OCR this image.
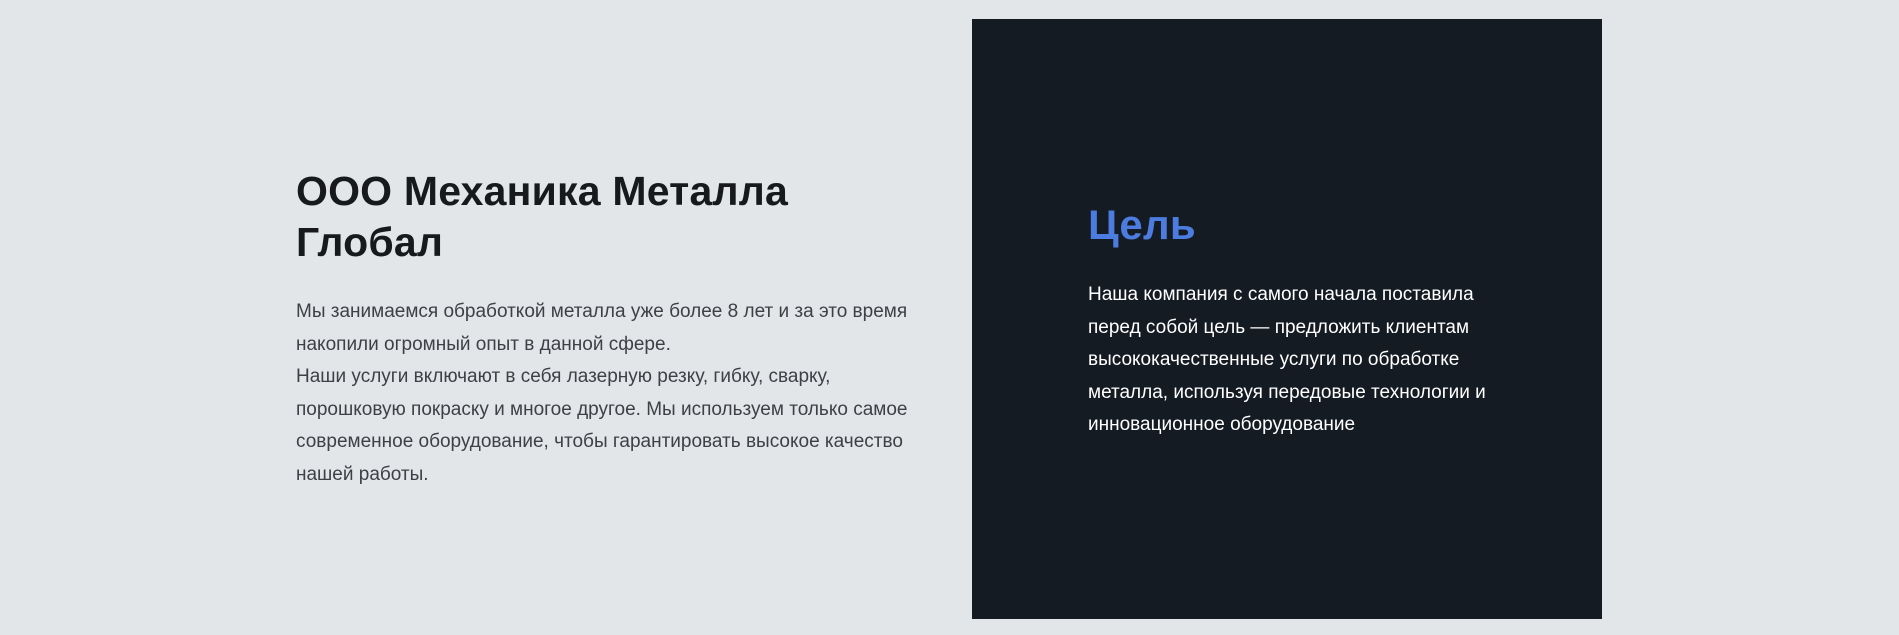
ООО Механика Металла
Глобал

Мы занимаемся обработкой металла уже более 8 лет и за это время накопили огромный опыт в данной сфере.

Наши услуги включают в себя лазерную резку, гибку, сварку, порошковую покраску и многое другое. Мы используем только самое современное оборудование, чтобы гарантировать высокое качество нашей работы.

Цель

Наша компания с самого начала поставила перед собой цель — предложить клиентам высококачественные услуги по обработке металла, используя передовые технологии и инновационное оборудование
